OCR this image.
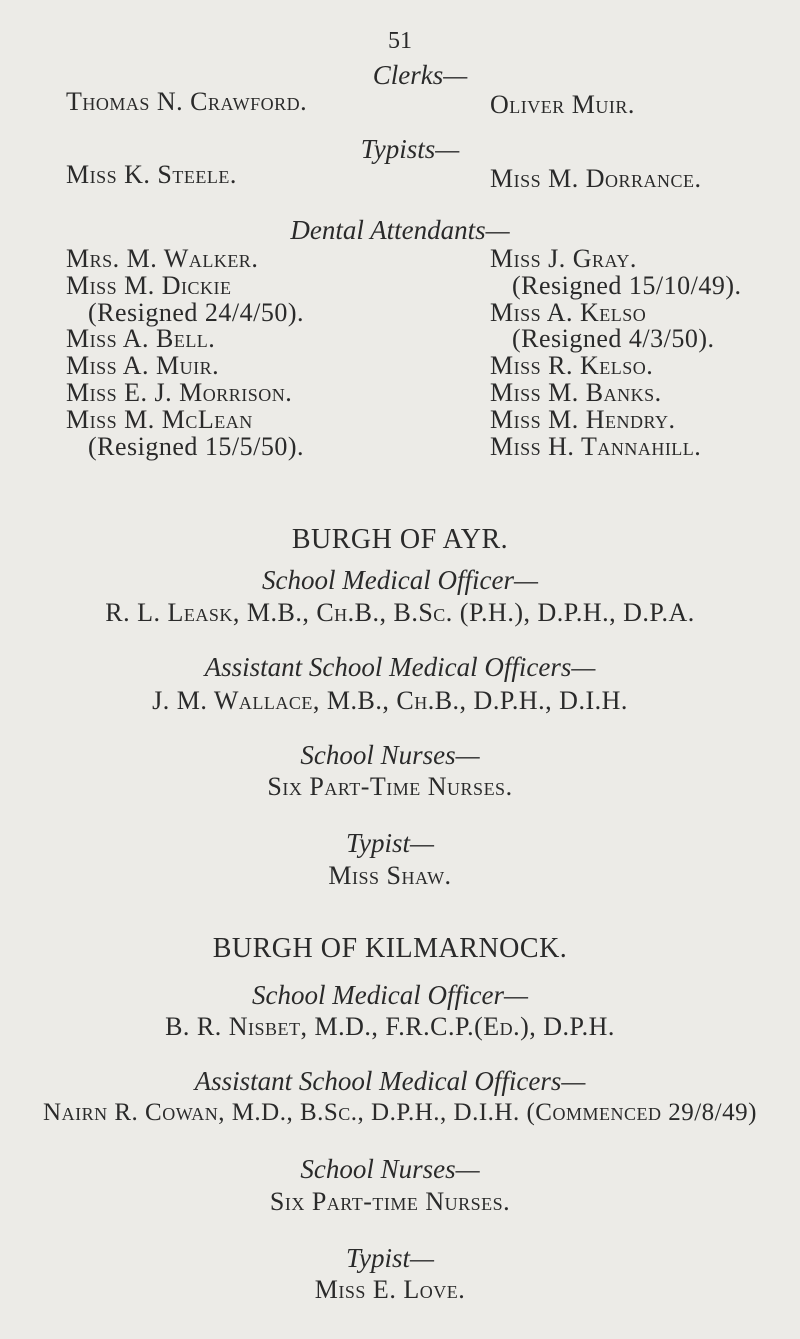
51
Clerks—
Thomas N. Crawford.	Oliver Muir.
Typists—
Miss K. Steele.	Miss M. Dorrance.
Dental Attendants—
Mrs. M. Walker.
Miss M. Dickie
(Resigned 24/4/50).
Miss A. Bell.
Miss A. Muir.
Miss E. J. Morrison.
Miss M. McLean
(Resigned 15/5/50).
Miss J. Gray.
(Resigned 15/10/49).
Miss A. Kelso
(Resigned 4/3/50).
Miss R. Kelso.
Miss M. Banks.
Miss M. Hendry.
Miss H. Tannahill.
BURGH OF AYR.
School Medical Officer—
R. L. Leask, M.B., Ch.B., B.Sc. (P.H.), D.P.H., D.P.A.
Assistant School Medical Officers—
J. M. Wallace, M.B., Ch.B., D.P.H., D.I.H.
School Nurses—
Six Part-Time Nurses.
Typist—
Miss Shaw.
BURGH OF KILMARNOCK.
School Medical Officer—
B. R. Nisbet, M.D., F.R.C.P.(Ed.), D.P.H.
Assistant School Medical Officers—
Nairn R. Cowan, M.D., B.Sc., D.P.H., D.I.H. (Commenced 29/8/49)
School Nurses—
Six Part-time Nurses.
Typist—
Miss E. Love.
